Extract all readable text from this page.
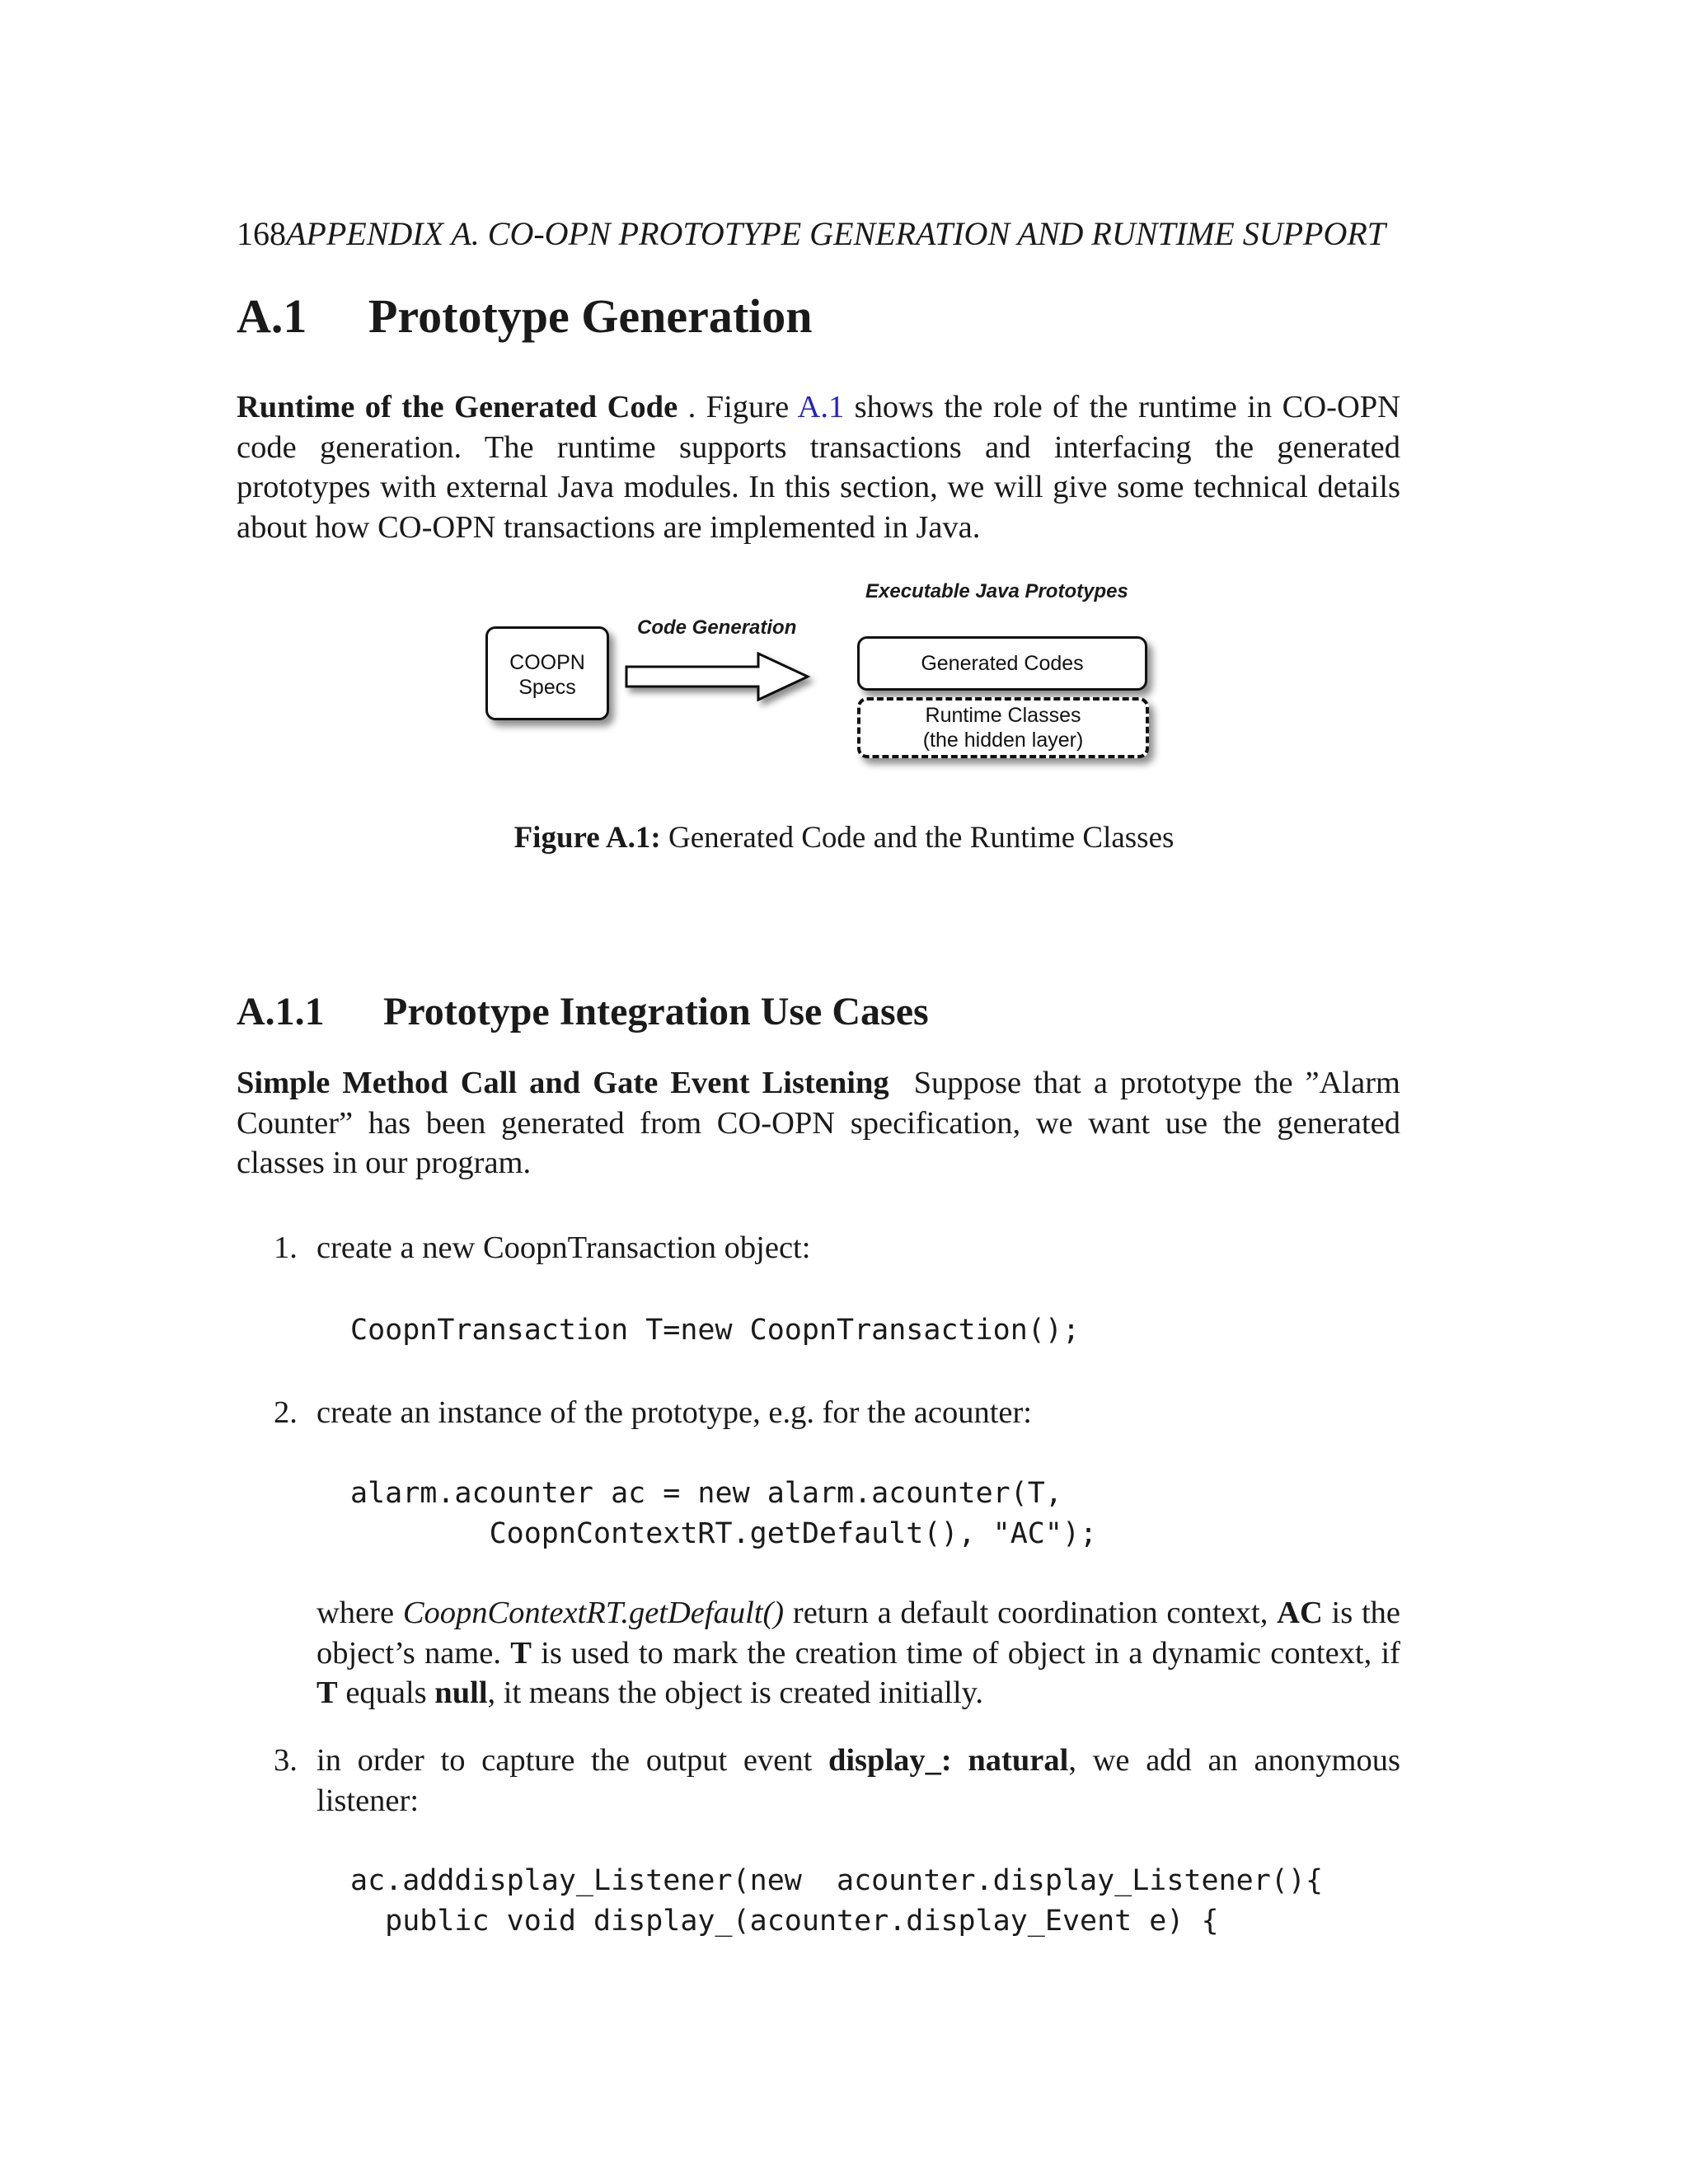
168APPENDIX A. CO-OPN PROTOTYPE GENERATION AND RUNTIME SUPPORT
A.1 Prototype Generation
Runtime of the Generated Code . Figure A.1 shows the role of the runtime in CO-OPN code generation. The runtime supports transactions and interfacing the generated prototypes with external Java modules. In this section, we will give some technical details about how CO-OPN transactions are implemented in Java.
Executable Java Prototypes
Code Generation
COOPN
Specs
Generated Codes
Runtime Classes
(the hidden layer)
Figure A.1: Generated Code and the Runtime Classes
A.1.1 Prototype Integration Use Cases
Simple Method Call and Gate Event Listening Suppose that a prototype the ”Alarm Counter” has been generated from CO-OPN specification, we want use the generated classes in our program.
1. create a new CoopnTransaction object:
CoopnTransaction T=new CoopnTransaction();
2. create an instance of the prototype, e.g. for the acounter:
alarm.acounter ac = new alarm.acounter(T,
CoopnContextRT.getDefault(), "AC");
where CoopnContextRT.getDefault() return a default coordination context, AC is the object’s name. T is used to mark the creation time of object in a dynamic context, if T equals null, it means the object is created initially.
3. in order to capture the output event display_: natural, we add an anonymous listener:
ac.adddisplay_Listener(new  acounter.display_Listener(){
public void display_(acounter.display_Event e) {
